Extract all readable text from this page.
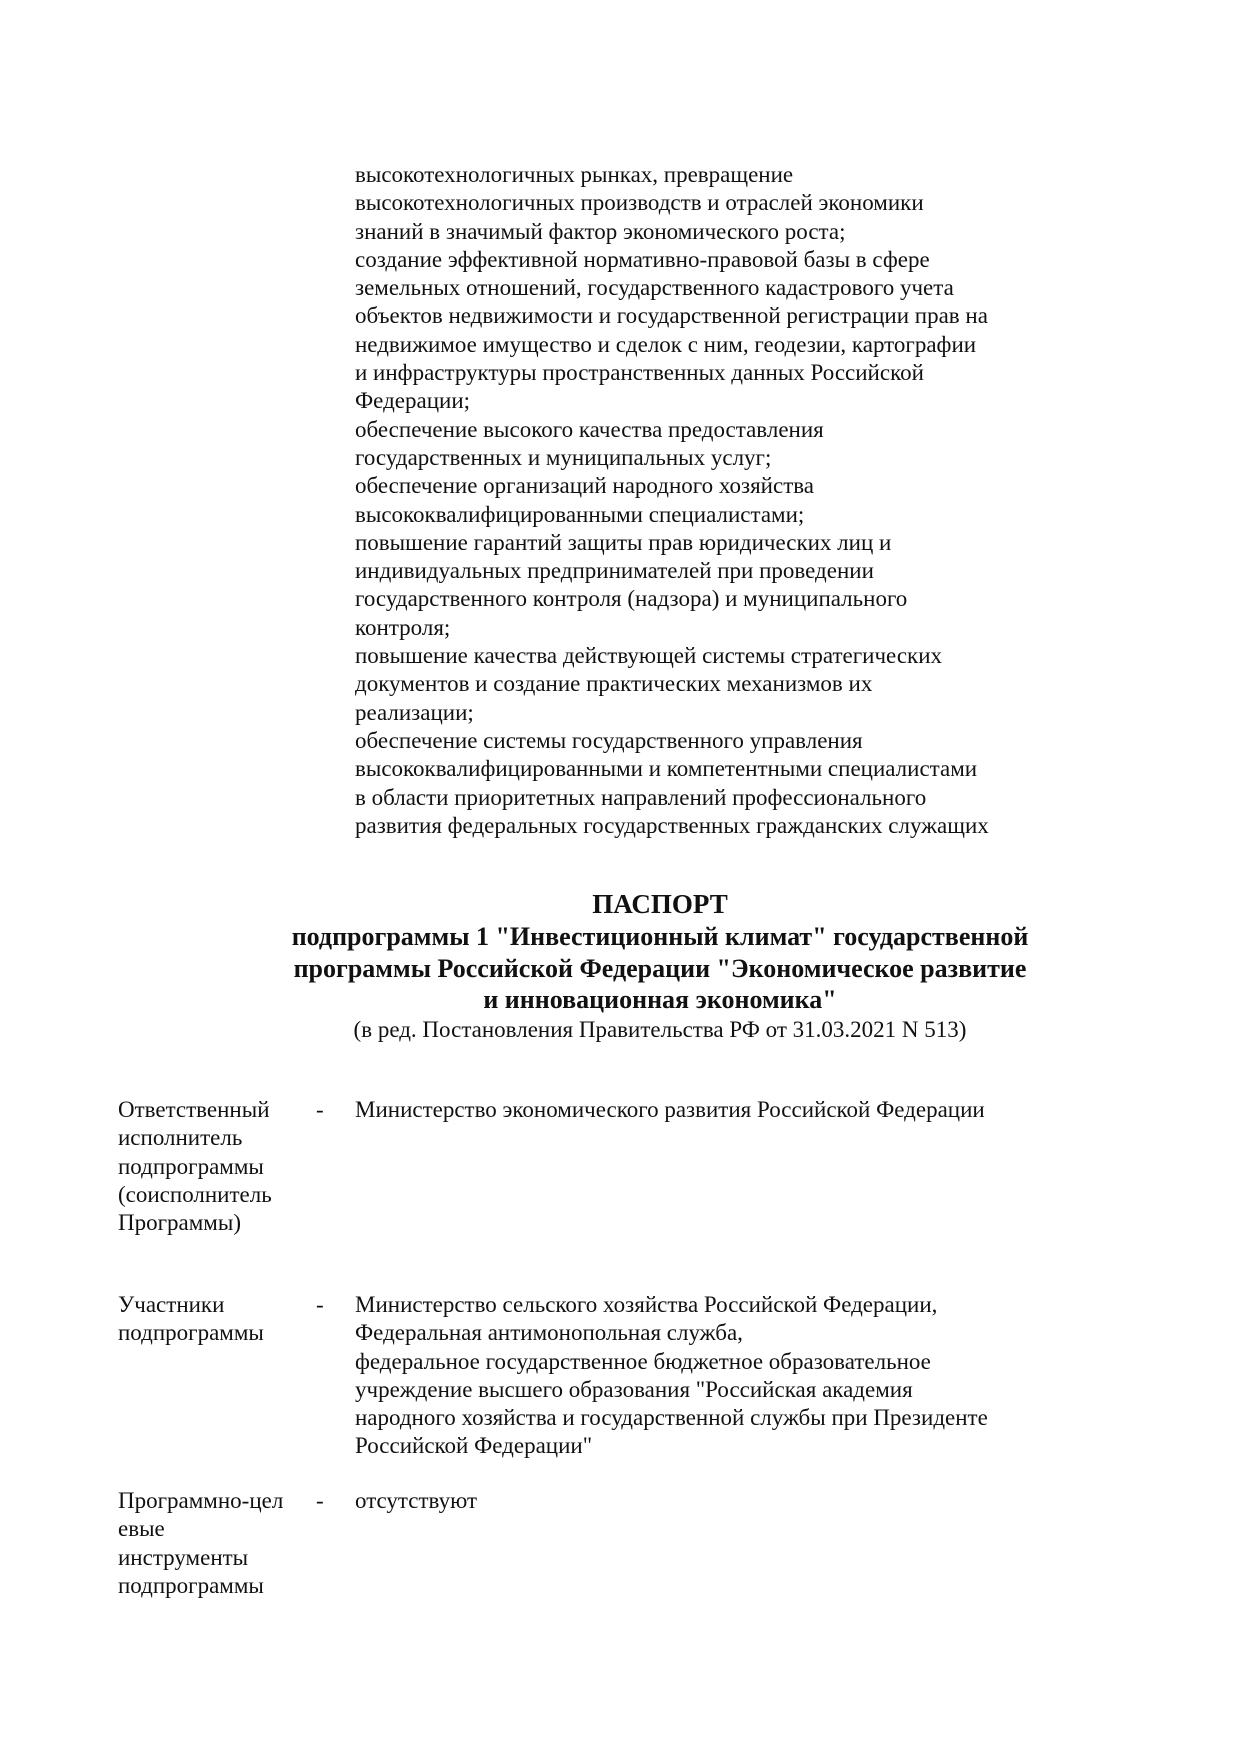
высокотехнологичных рынках, превращение
высокотехнологичных производств и отраслей экономики
знаний в значимый фактор экономического роста;
создание эффективной нормативно-правовой базы в сфере
земельных отношений, государственного кадастрового учета
объектов недвижимости и государственной регистрации прав на
недвижимое имущество и сделок с ним, геодезии, картографии
и инфраструктуры пространственных данных Российской
Федерации;
обеспечение высокого качества предоставления
государственных и муниципальных услуг;
обеспечение организаций народного хозяйства
высококвалифицированными специалистами;
повышение гарантий защиты прав юридических лиц и
индивидуальных предпринимателей при проведении
государственного контроля (надзора) и муниципального
контроля;
повышение качества действующей системы стратегических
документов и создание практических механизмов их
реализации;
обеспечение системы государственного управления
высококвалифицированными и компетентными специалистами
в области приоритетных направлений профессионального
развития федеральных государственных гражданских служащих
ПАСПОРТ
подпрограммы 1 "Инвестиционный климат" государственной
программы Российской Федерации "Экономическое развитие
и инновационная экономика"
(в ред. Постановления Правительства РФ от 31.03.2021 N 513)
Ответственный
исполнитель
подпрограммы
(соисполнитель
Программы)
-	Министерство экономического развития Российской Федерации
Участники
подпрограммы
-	Министерство сельского хозяйства Российской Федерации,
Федеральная антимонопольная служба,
федеральное государственное бюджетное образовательное
учреждение высшего образования "Российская академия
народного хозяйства и государственной службы при Президенте
Российской Федерации"
Программно-цел
евые
инструменты
подпрограммы
-	отсутствуют
